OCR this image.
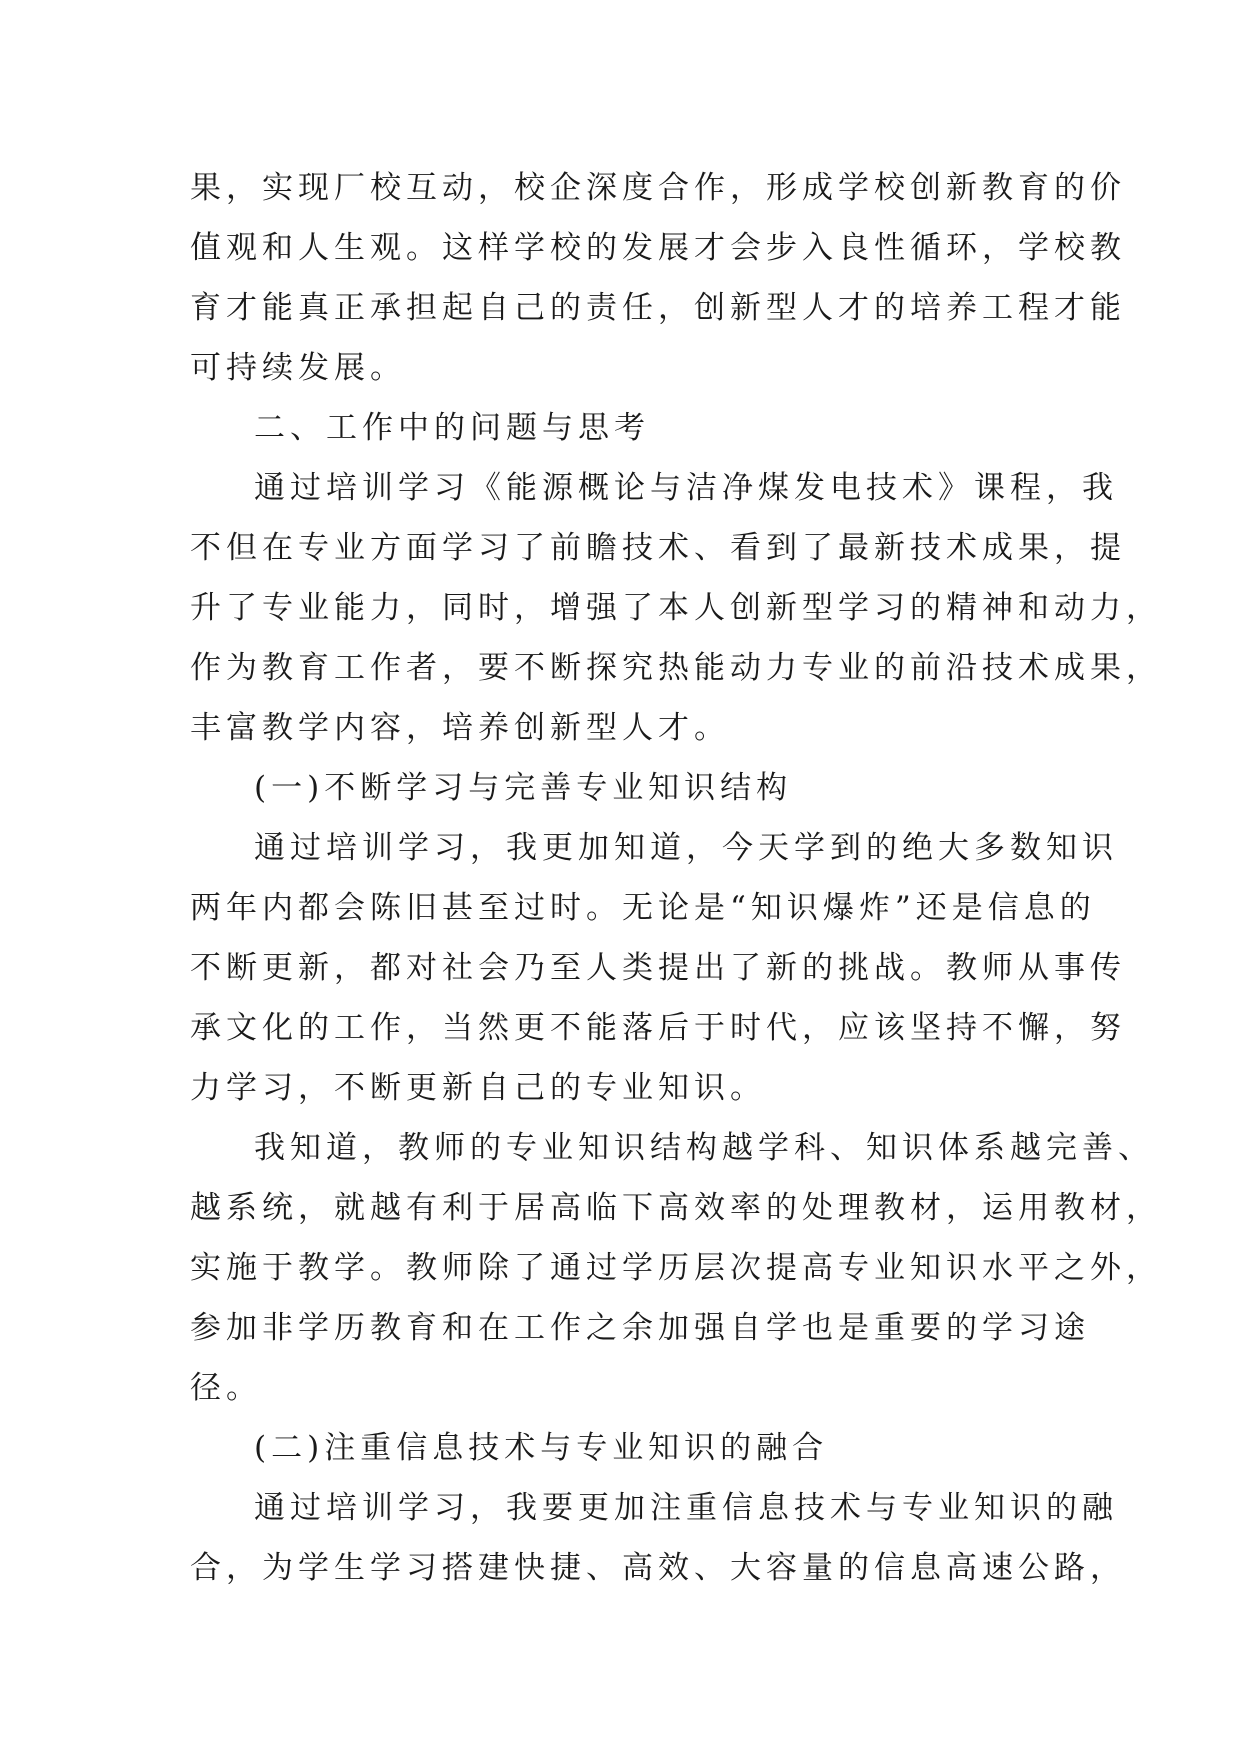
果，实现厂校互动，校企深度合作，形成学校创新教育的价
值观和人生观。这样学校的发展才会步入良性循环，学校教
育才能真正承担起自己的责任，创新型人才的培养工程才能
可持续发展。
二、工作中的问题与思考
通过培训学习《能源概论与洁净煤发电技术》课程，我
不但在专业方面学习了前瞻技术、看到了最新技术成果，提
升了专业能力，同时，增强了本人创新型学习的精神和动力，
作为教育工作者，要不断探究热能动力专业的前沿技术成果，
丰富教学内容，培养创新型人才。
(一)不断学习与完善专业知识结构
通过培训学习，我更加知道，今天学到的绝大多数知识
两年内都会陈旧甚至过时。无论是“知识爆炸”还是信息的
不断更新，都对社会乃至人类提出了新的挑战。教师从事传
承文化的工作，当然更不能落后于时代，应该坚持不懈，努
力学习，不断更新自己的专业知识。
我知道，教师的专业知识结构越学科、知识体系越完善、
越系统，就越有利于居高临下高效率的处理教材，运用教材，
实施于教学。教师除了通过学历层次提高专业知识水平之外，
参加非学历教育和在工作之余加强自学也是重要的学习途
径。
(二)注重信息技术与专业知识的融合
通过培训学习，我要更加注重信息技术与专业知识的融
合，为学生学习搭建快捷、高效、大容量的信息高速公路，
